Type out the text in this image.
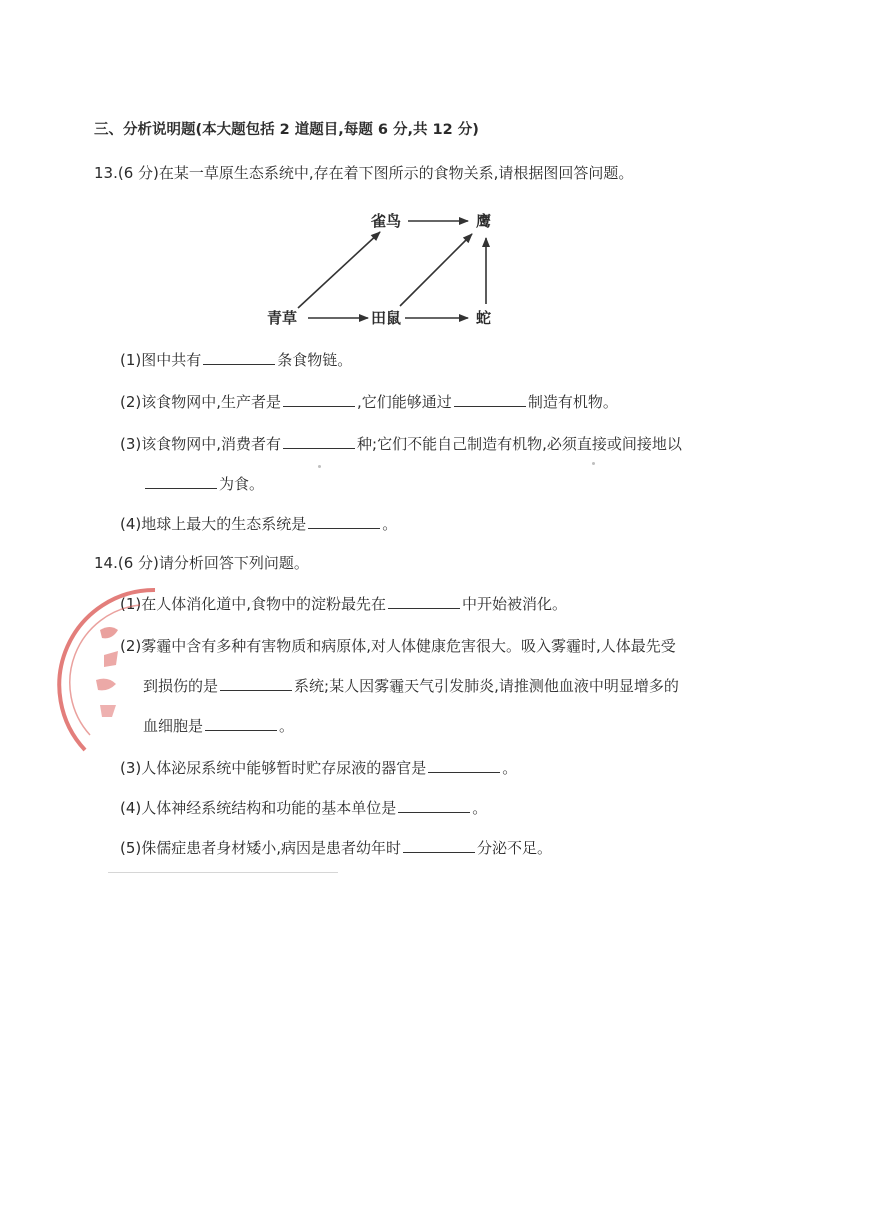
三、分析说明题(本大题包括 2 道题目,每题 6 分,共 12 分)
13.(6 分)在某一草原生态系统中,存在着下图所示的食物关系,请根据图回答问题。
雀鸟	鹰
青草	田鼠	蛇
(1)图中共有	条食物链。
(2)该食物网中,生产者是	,它们能够通过	制造有机物。
(3)该食物网中,消费者有	种;它们不能自己制造有机物,必须直接或间接地以
为食。
(4)地球上最大的生态系统是	。
14.(6 分)请分析回答下列问题。
(1)在人体消化道中,食物中的淀粉最先在	中开始被消化。
(2)雾霾中含有多种有害物质和病原体,对人体健康危害很大。吸入雾霾时,人体最先受
到损伤的是	系统;某人因雾霾天气引发肺炎,请推测他血液中明显增多的
血细胞是	。
(3)人体泌尿系统中能够暂时贮存尿液的器官是	。
(4)人体神经系统结构和功能的基本单位是	。
(5)侏儒症患者身材矮小,病因是患者幼年时	分泌不足。
